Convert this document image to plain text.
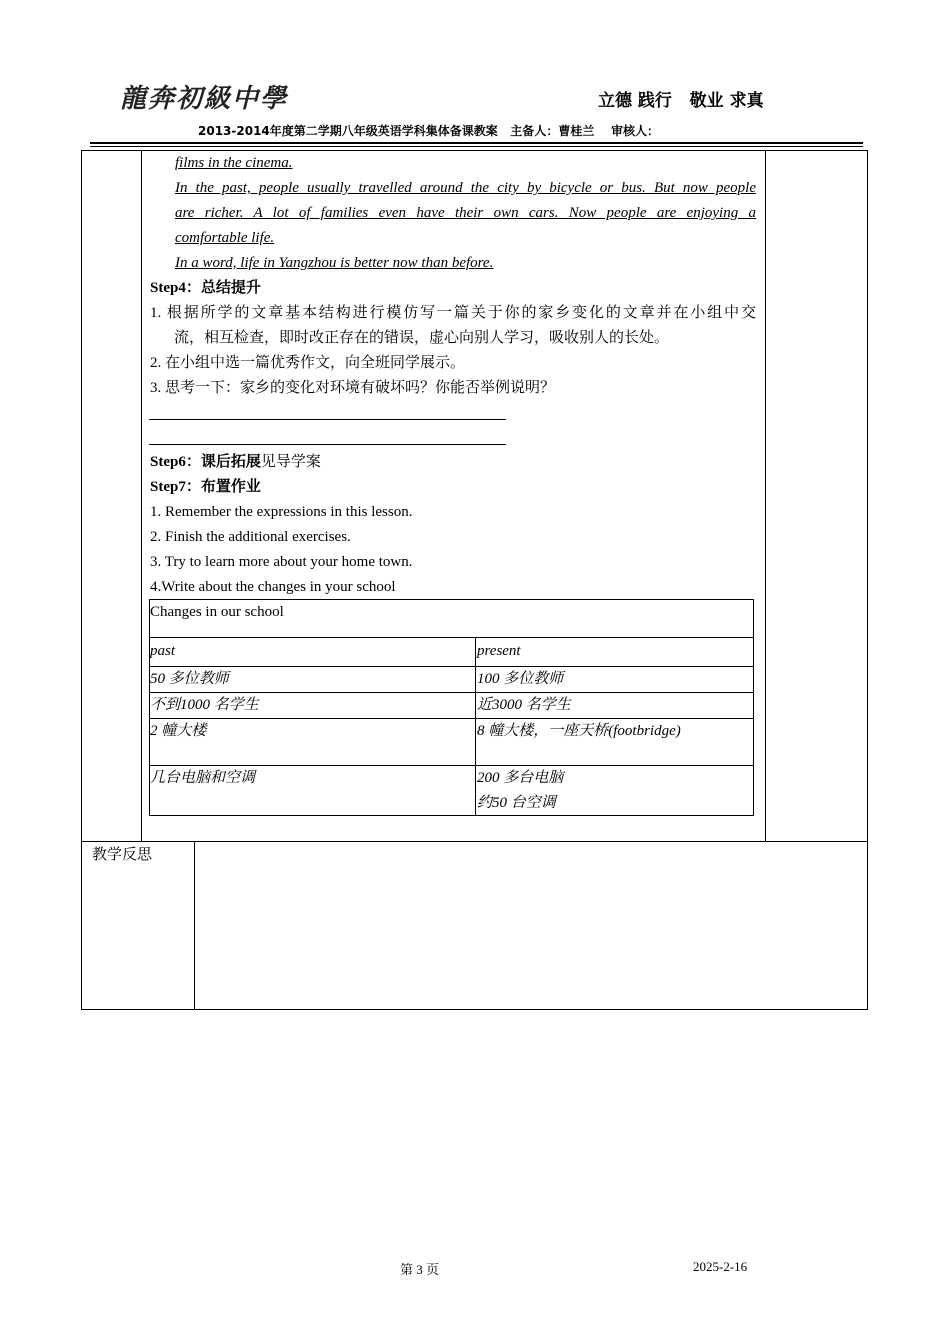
龍奔初級中學	立德 践行   敬业 求真
2013-2014年度第二学期八年级英语学科集体备课教案   主备人：曹桂兰    审核人：
films in the cinema.
In the past, people usually travelled around the city by bicycle or bus. But now people
are richer. A lot of families even have their own cars. Now people are enjoying a
comfortable life.
In a word, life in Yangzhou is better now than before.
Step4：总结提升
1. 根据所学的文章基本结构进行模仿写一篇关于你的家乡变化的文章并在小组中交
流，相互检查，即时改正存在的错误，虚心向别人学习，吸收别人的长处。
2. 在小组中选一篇优秀作文，向全班同学展示。
3. 思考一下：家乡的变化对环境有破坏吗？你能否举例说明？
Step6：课后拓展见导学案
Step7：布置作业
1. Remember the expressions in this lesson.
2. Finish the additional exercises.
3. Try to learn more about your home town.
4.Write about the changes in your school
Changes in our school
past	present
50 多位教师	100 多位教师
不到1000 名学生	近3000 名学生
2 幢大楼	8 幢大楼，一座天桥(footbridge)
几台电脑和空调	200 多台电脑
约50 台空调
教学反思
第 3 页	2025-2-16
